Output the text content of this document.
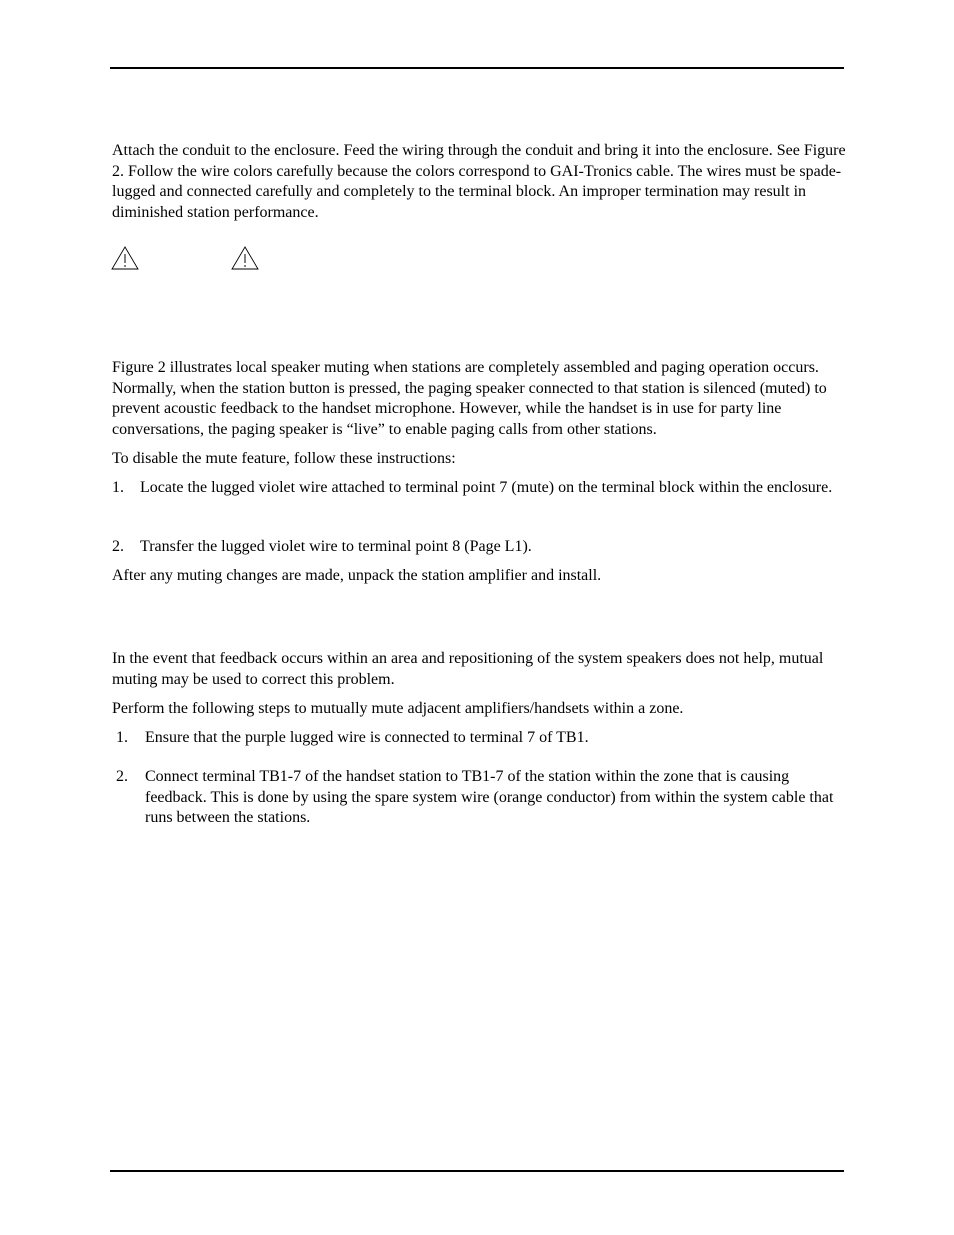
Attach the conduit to the enclosure. Feed the wiring through the conduit and bring it into the enclosure. See Figure 2. Follow the wire colors carefully because the colors correspond to GAI-Tronics cable. The wires must be spade-lugged and connected carefully and completely to the terminal block. An improper termination may result in diminished station performance.

Figure 2 illustrates local speaker muting when stations are completely assembled and paging operation occurs. Normally, when the station button is pressed, the paging speaker connected to that station is silenced (muted) to prevent acoustic feedback to the handset microphone. However, while the handset is in use for party line conversations, the paging speaker is “live” to enable paging calls from other stations.

To disable the mute feature, follow these instructions:

1. Locate the lugged violet wire attached to terminal point 7 (mute) on the terminal block within the enclosure.
2. Transfer the lugged violet wire to terminal point 8 (Page L1).

After any muting changes are made, unpack the station amplifier and install.

In the event that feedback occurs within an area and repositioning of the system speakers does not help, mutual muting may be used to correct this problem.

Perform the following steps to mutually mute adjacent amplifiers/handsets within a zone.

1. Ensure that the purple lugged wire is connected to terminal 7 of TB1.
2. Connect terminal TB1-7 of the handset station to TB1-7 of the station within the zone that is causing feedback. This is done by using the spare system wire (orange conductor) from within the system cable that runs between the stations.
